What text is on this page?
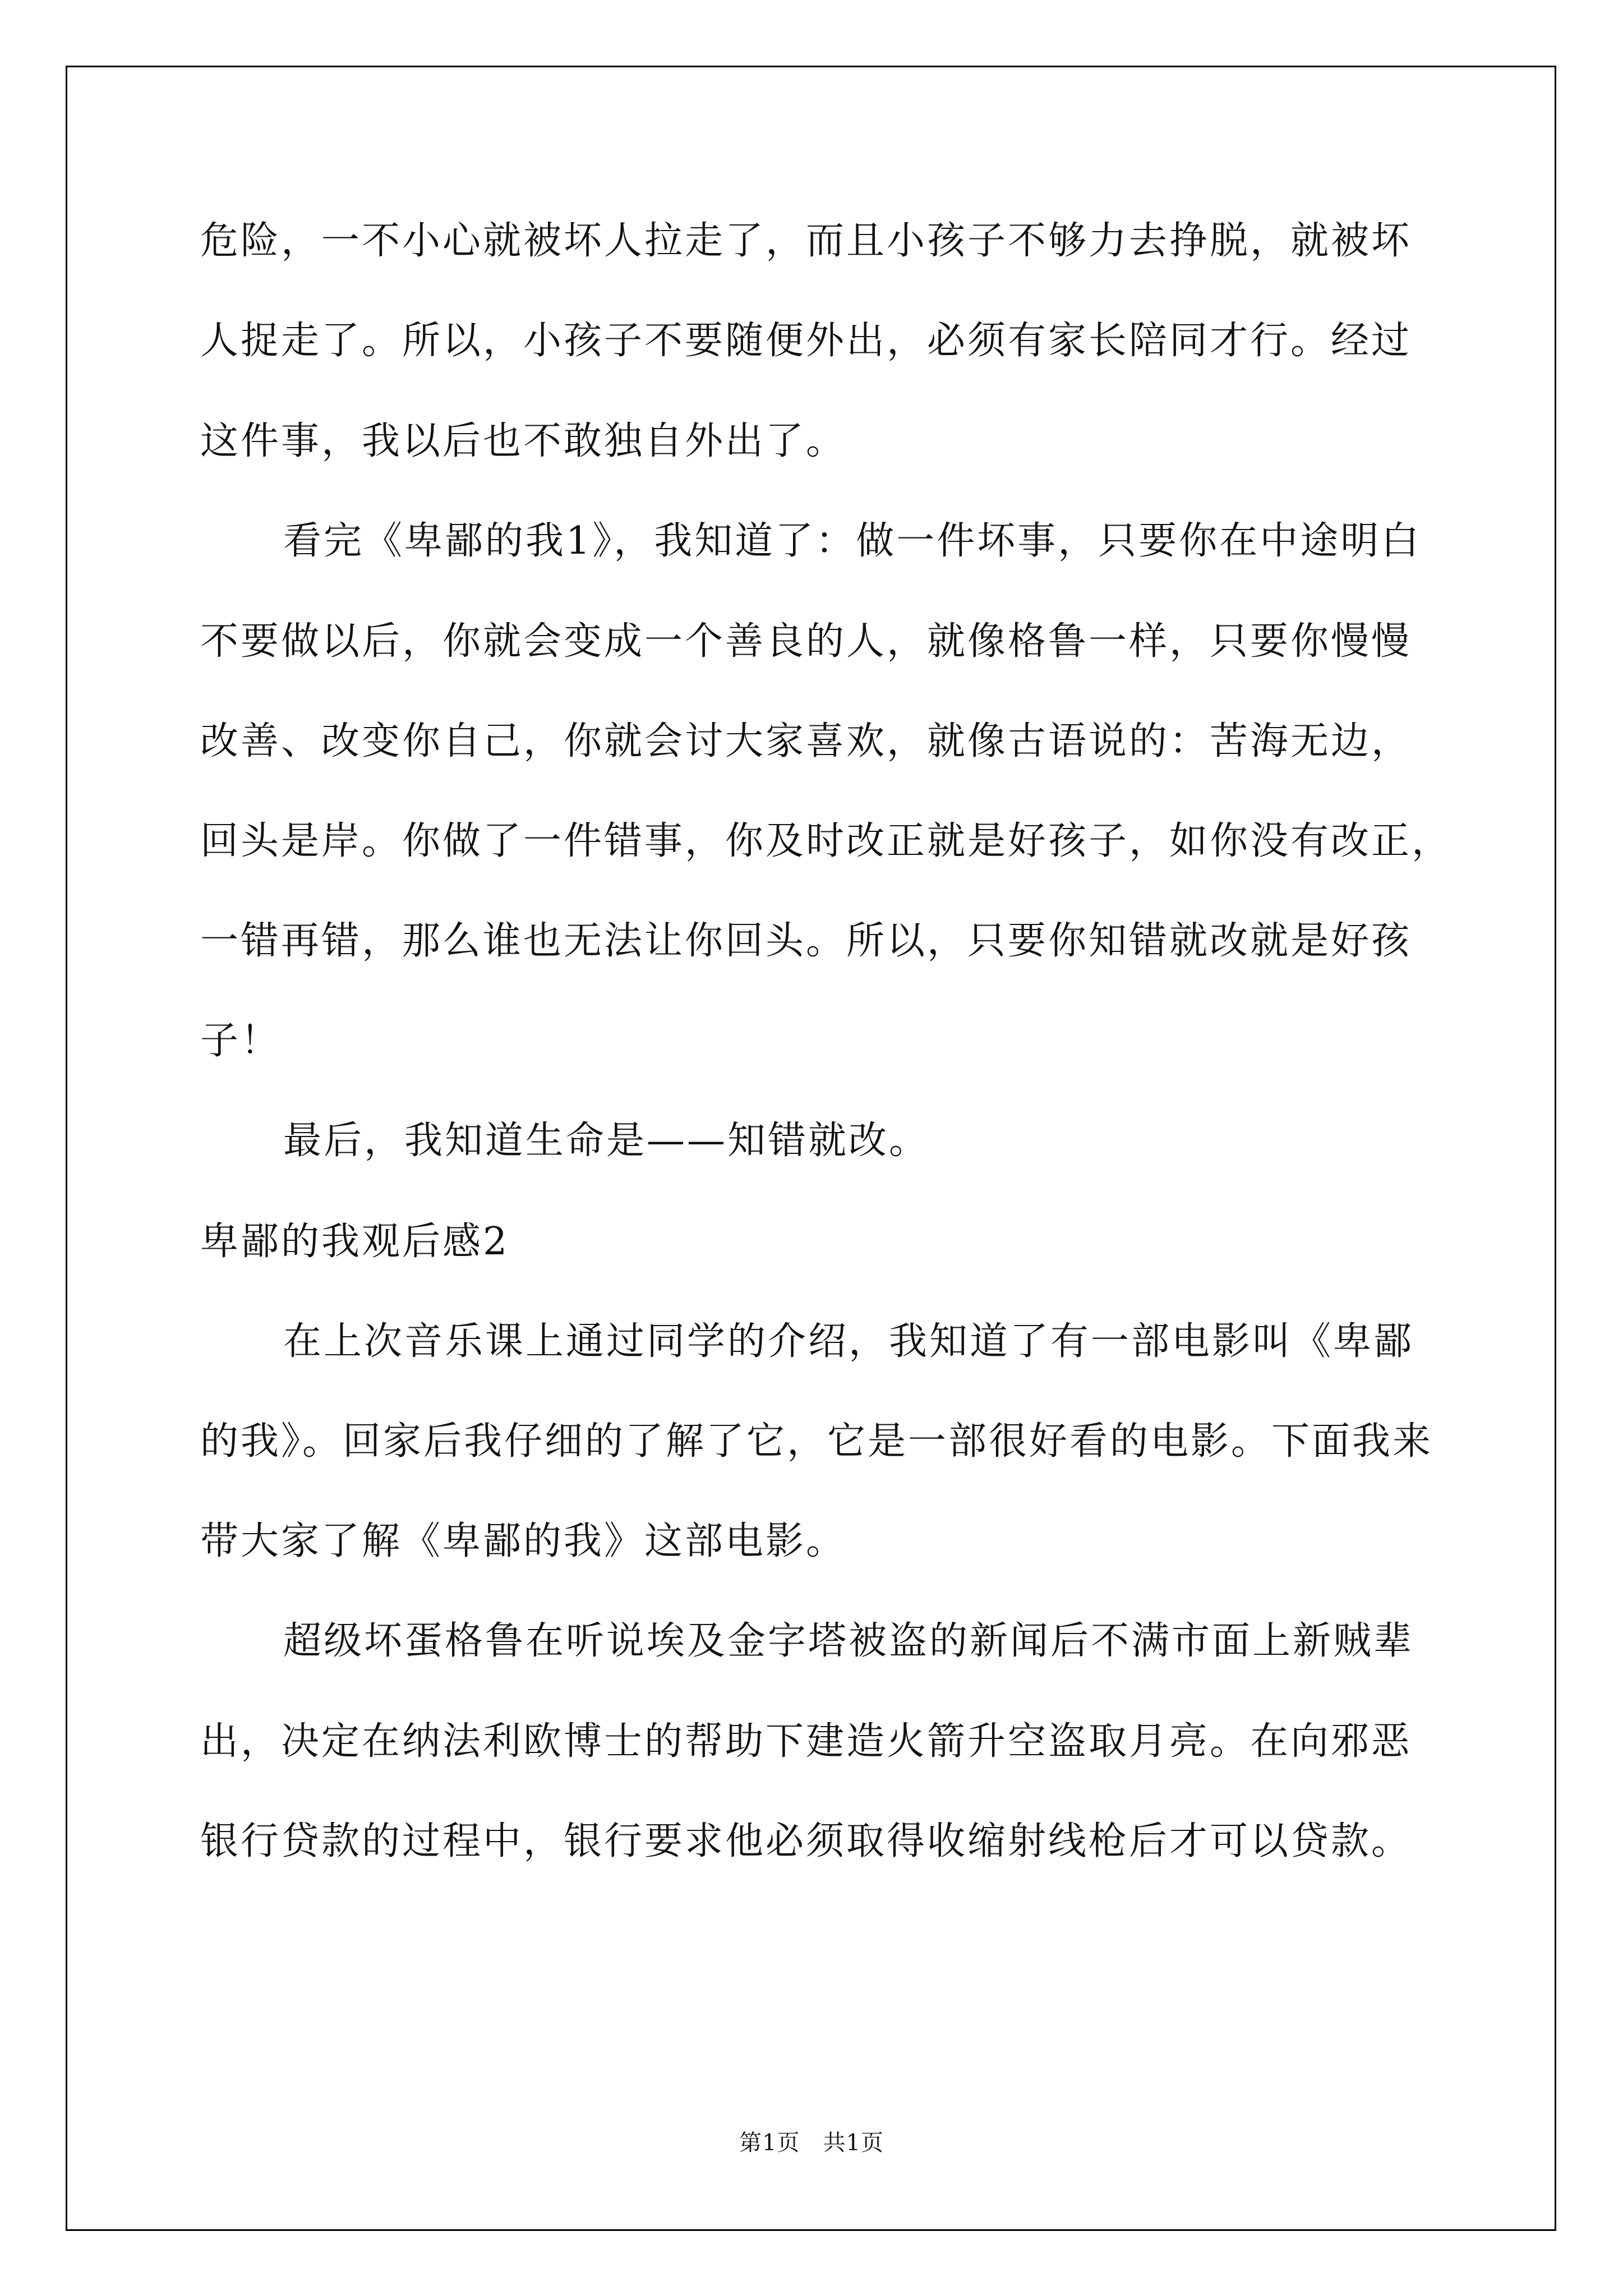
危险，一不小心就被坏人拉走了，而且小孩子不够力去挣脱，就被坏
人捉走了。所以，小孩子不要随便外出，必须有家长陪同才行。经过
这件事，我以后也不敢独自外出了。
看完《卑鄙的我1》，我知道了：做一件坏事，只要你在中途明白
不要做以后，你就会变成一个善良的人，就像格鲁一样，只要你慢慢
改善、改变你自己，你就会讨大家喜欢，就像古语说的：苦海无边，
回头是岸。你做了一件错事，你及时改正就是好孩子，如你没有改正，
一错再错，那么谁也无法让你回头。所以，只要你知错就改就是好孩
子！
最后，我知道生命是——知错就改。
卑鄙的我观后感2
在上次音乐课上通过同学的介绍，我知道了有一部电影叫《卑鄙
的我》。回家后我仔细的了解了它，它是一部很好看的电影。下面我来
带大家了解《卑鄙的我》这部电影。
超级坏蛋格鲁在听说埃及金字塔被盗的新闻后不满市面上新贼辈
出，决定在纳法利欧博士的帮助下建造火箭升空盗取月亮。在向邪恶
银行贷款的过程中，银行要求他必须取得收缩射线枪后才可以贷款。
第1页　共1页
